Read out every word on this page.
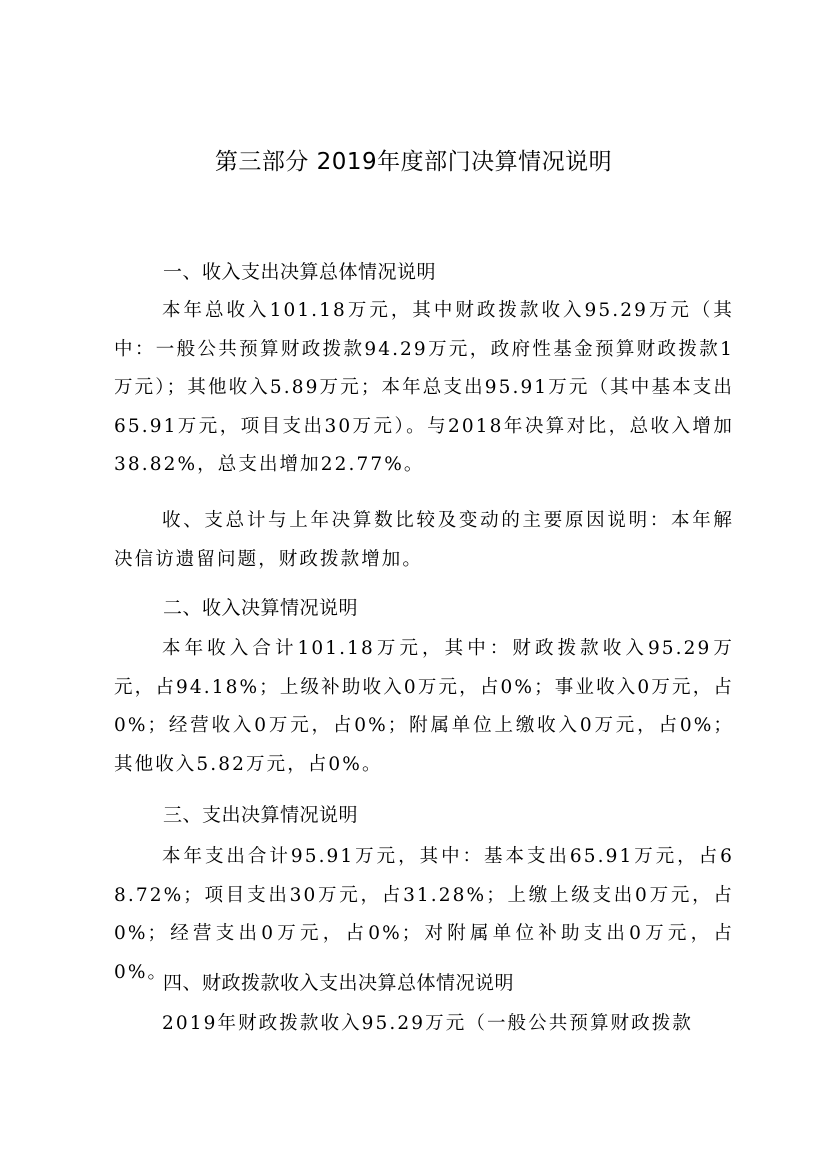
第三部分 2019年度部门决算情况说明
一、收入支出决算总体情况说明
本年总收入101.18万元，其中财政拨款收入95.29万元（其中：一般公共预算财政拨款94.29万元，政府性基金预算财政拨款1万元）；其他收入5.89万元；本年总支出95.91万元（其中基本支出65.91万元，项目支出30万元）。与2018年决算对比，总收入增加38.82%，总支出增加22.77%。
收、支总计与上年决算数比较及变动的主要原因说明：本年解决信访遗留问题，财政拨款增加。
二、收入决算情况说明
本年收入合计101.18万元，其中：财政拨款收入95.29万元，占94.18%；上级补助收入0万元，占0%；事业收入0万元，占0%；经营收入0万元，占0%；附属单位上缴收入0万元，占0%；其他收入5.82万元，占0%。
三、支出决算情况说明
本年支出合计95.91万元，其中：基本支出65.91万元，占68.72%；项目支出30万元，占31.28%；上缴上级支出0万元，占0%；经营支出0万元，占0%；对附属单位补助支出0万元，占0%。
四、财政拨款收入支出决算总体情况说明
2019年财政拨款收入95.29万元（一般公共预算财政拨款
